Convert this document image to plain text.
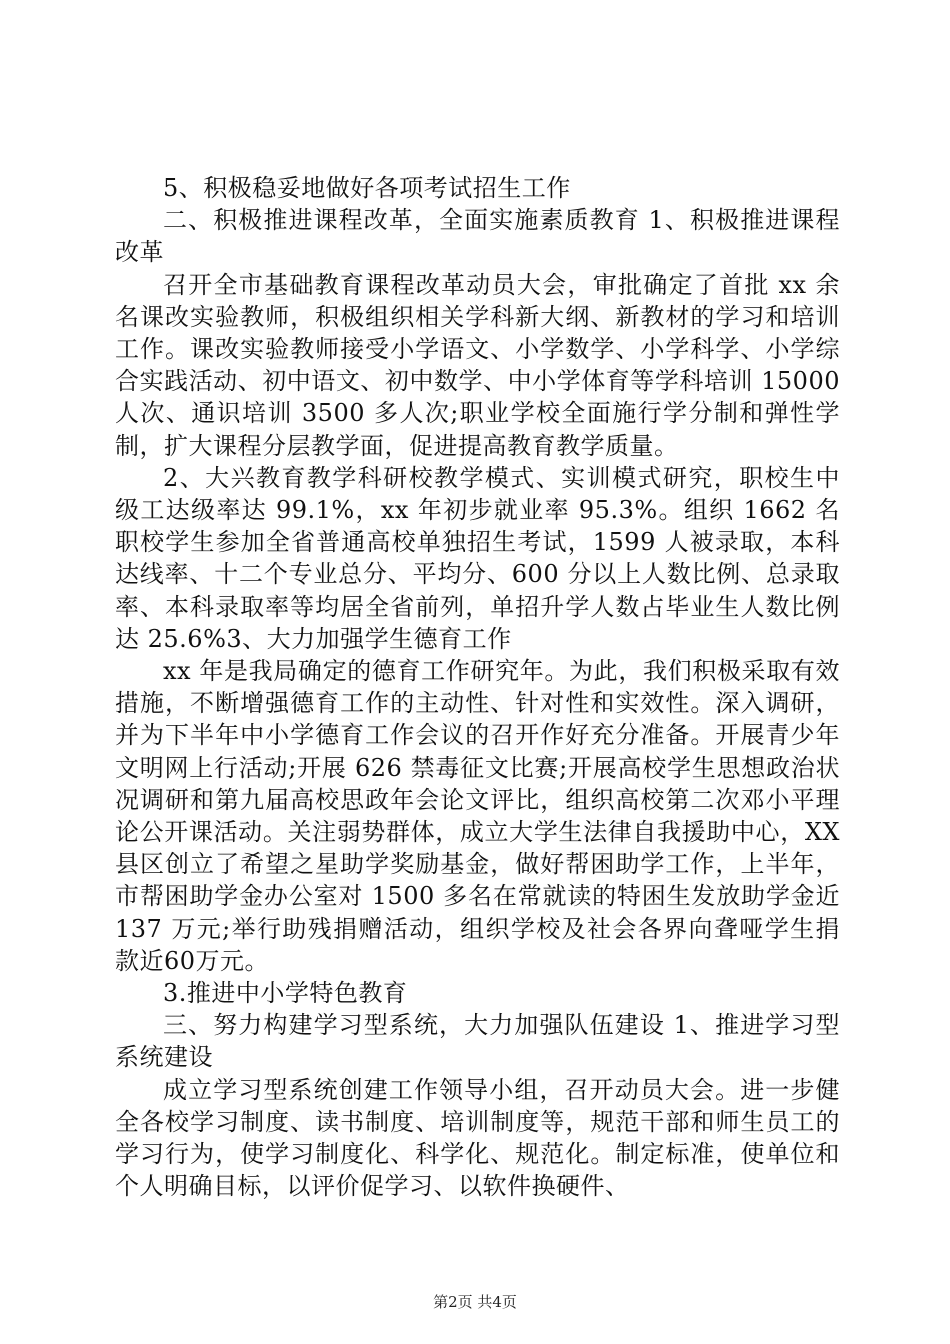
5、积极稳妥地做好各项考试招生工作

二、积极推进课程改革，全面实施素质教育 1、积极推进课程改革

召开全市基础教育课程改革动员大会，审批确定了首批 xx 余名课改实验教师，积极组织相关学科新大纲、新教材的学习和培训工作。课改实验教师接受小学语文、小学数学、小学科学、小学综合实践活动、初中语文、初中数学、中小学体育等学科培训 15000 人次、通识培训 3500 多人次;职业学校全面施行学分制和弹性学制，扩大课程分层教学面，促进提高教育教学质量。

2、大兴教育教学科研校教学模式、实训模式研究，职校生中级工达级率达 99.1%，xx 年初步就业率 95.3%。组织 1662 名职校学生参加全省普通高校单独招生考试，1599 人被录取，本科达线率、十二个专业总分、平均分、600 分以上人数比例、总录取率、本科录取率等均居全省前列，单招升学人数占毕业生人数比例达 25.6%3、大力加强学生德育工作

xx 年是我局确定的德育工作研究年。为此，我们积极采取有效措施，不断增强德育工作的主动性、针对性和实效性。深入调研，并为下半年中小学德育工作会议的召开作好充分准备。开展青少年文明网上行活动;开展 626 禁毒征文比赛;开展高校学生思想政治状况调研和第九届高校思政年会论文评比，组织高校第二次邓小平理论公开课活动。关注弱势群体，成立大学生法律自我援助中心，XX 县区创立了希望之星助学奖励基金，做好帮困助学工作，上半年，市帮困助学金办公室对 1500 多名在常就读的特困生发放助学金近 137 万元;举行助残捐赠活动，组织学校及社会各界向聋哑学生捐款近60万元。

3.推进中小学特色教育

三、努力构建学习型系统，大力加强队伍建设 1、推进学习型系统建设

成立学习型系统创建工作领导小组，召开动员大会。进一步健全各校学习制度、读书制度、培训制度等，规范干部和师生员工的学习行为，使学习制度化、科学化、规范化。制定标准，使单位和个人明确目标，以评价促学习、以软件换硬件、

第2页 共4页
